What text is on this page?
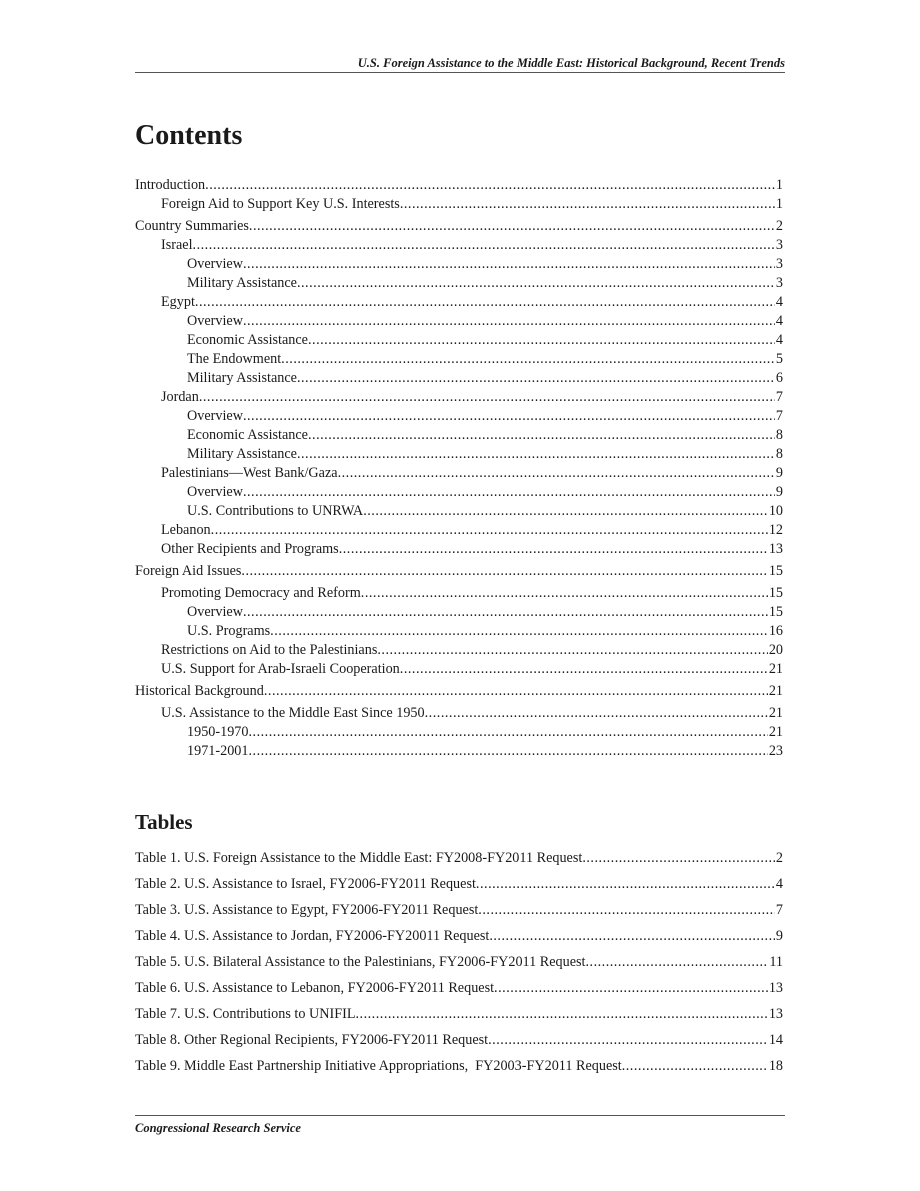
U.S. Foreign Assistance to the Middle East: Historical Background, Recent Trends
Contents
Introduction .....	1
Foreign Aid to Support Key U.S. Interests .....	1
Country Summaries .....	2
Israel .....	3
Overview .....	3
Military Assistance .....	3
Egypt .....	4
Overview .....	4
Economic Assistance .....	4
The Endowment .....	5
Military Assistance .....	6
Jordan .....	7
Overview .....	7
Economic Assistance .....	8
Military Assistance .....	8
Palestinians—West Bank/Gaza .....	9
Overview .....	9
U.S. Contributions to UNRWA .....	10
Lebanon .....	12
Other Recipients and Programs .....	13
Foreign Aid Issues .....	15
Promoting Democracy and Reform .....	15
Overview .....	15
U.S. Programs .....	16
Restrictions on Aid to the Palestinians .....	20
U.S. Support for Arab-Israeli Cooperation .....	21
Historical Background .....	21
U.S. Assistance to the Middle East Since 1950 .....	21
1950-1970 .....	21
1971-2001 .....	23
Tables
Table 1. U.S. Foreign Assistance to the Middle East: FY2008-FY2011 Request .....	2
Table 2. U.S. Assistance to Israel, FY2006-FY2011 Request .....	4
Table 3. U.S. Assistance to Egypt, FY2006-FY2011 Request .....	7
Table 4. U.S. Assistance to Jordan, FY2006-FY20011 Request .....	9
Table 5. U.S. Bilateral Assistance to the Palestinians, FY2006-FY2011 Request .....	11
Table 6. U.S. Assistance to Lebanon, FY2006-FY2011 Request .....	13
Table 7. U.S. Contributions to UNIFIL .....	13
Table 8. Other Regional Recipients, FY2006-FY2011 Request .....	14
Table 9. Middle East Partnership Initiative Appropriations,  FY2003-FY2011 Request .....	18
Congressional Research Service
